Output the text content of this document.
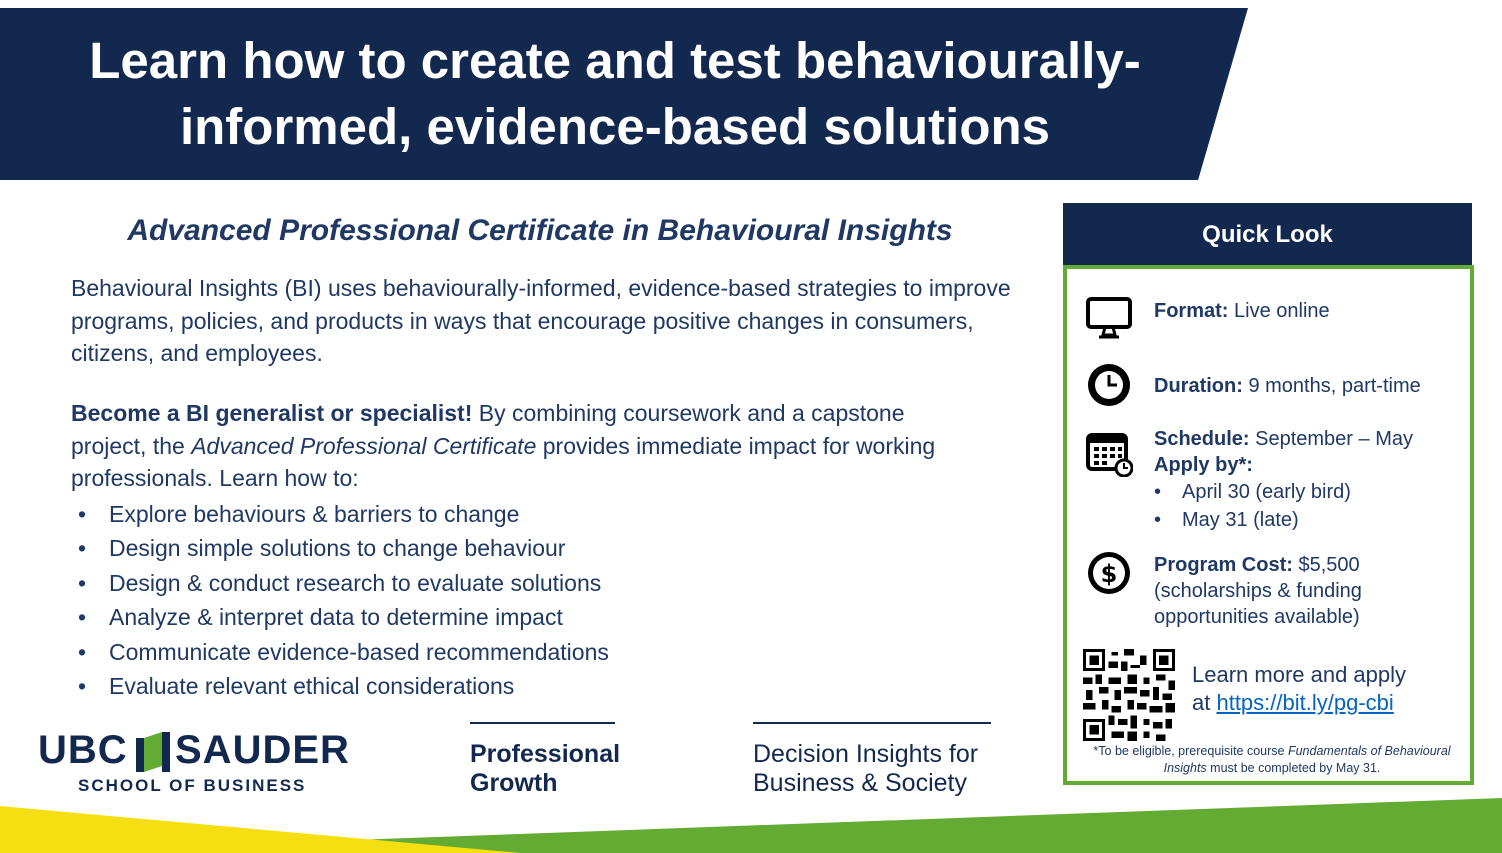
Learn how to create and test behaviourally-
informed, evidence-based solutions
Advanced Professional Certificate in Behavioural Insights
Behavioural Insights (BI) uses behaviourally-informed, evidence-based strategies to improve programs, policies, and products in ways that encourage positive changes in consumers, citizens, and employees.
Become a BI generalist or specialist! By combining coursework and a capstone project, the Advanced Professional Certificate provides immediate impact for working professionals. Learn how to:
• Explore behaviours & barriers to change
• Design simple solutions to change behaviour
• Design & conduct research to evaluate solutions
• Analyze & interpret data to determine impact
• Communicate evidence-based recommendations
• Evaluate relevant ethical considerations
UBC SAUDER
SCHOOL OF BUSINESS
Professional
Growth
Decision Insights for
Business & Society
Quick Look
Format: Live online
Duration: 9 months, part-time
Schedule: September – May
Apply by*:
• April 30 (early bird)
• May 31 (late)
$ Program Cost: $5,500
(scholarships & funding
opportunities available)
Learn more and apply
at https://bit.ly/pg-cbi
*To be eligible, prerequisite course Fundamentals of Behavioural Insights must be completed by May 31.
